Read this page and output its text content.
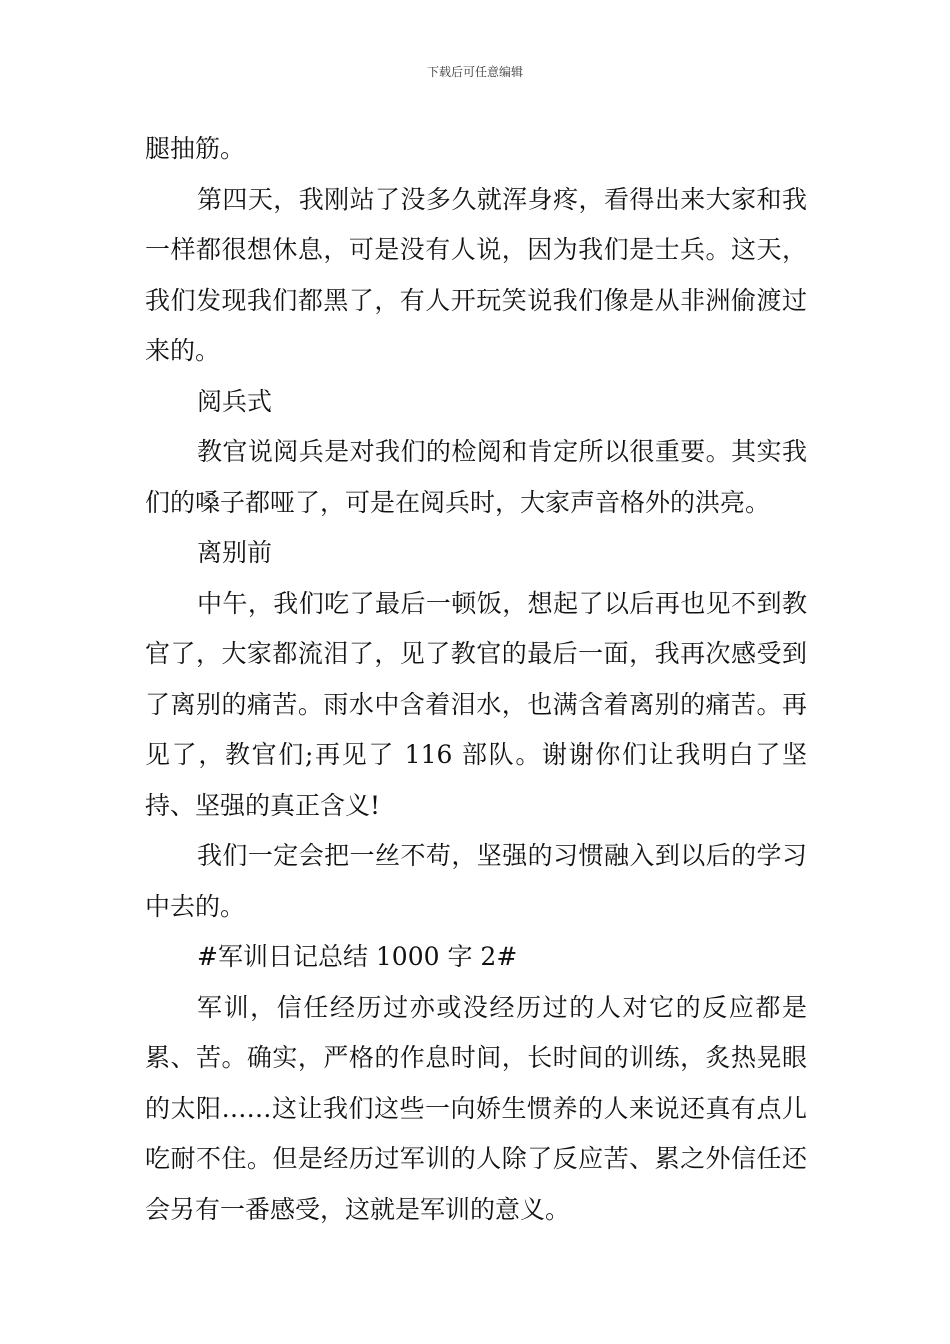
下载后可任意编辑

腿抽筋。

第四天，我刚站了没多久就浑身疼，看得出来大家和我一样都很想休息，可是没有人说，因为我们是士兵。这天，我们发现我们都黑了，有人开玩笑说我们像是从非洲偷渡过来的。

阅兵式

教官说阅兵是对我们的检阅和肯定所以很重要。其实我们的嗓子都哑了，可是在阅兵时，大家声音格外的洪亮。

离别前

中午，我们吃了最后一顿饭，想起了以后再也见不到教官了，大家都流泪了，见了教官的最后一面，我再次感受到了离别的痛苦。雨水中含着泪水，也满含着离别的痛苦。再见了，教官们;再见了 116 部队。谢谢你们让我明白了坚持、坚强的真正含义!

我们一定会把一丝不苟，坚强的习惯融入到以后的学习中去的。

#军训日记总结 1000 字 2#

军训，信任经历过亦或没经历过的人对它的反应都是累、苦。确实，严格的作息时间，长时间的训练，炙热晃眼的太阳……这让我们这些一向娇生惯养的人来说还真有点儿吃耐不住。但是经历过军训的人除了反应苦、累之外信任还会另有一番感受，这就是军训的意义。
